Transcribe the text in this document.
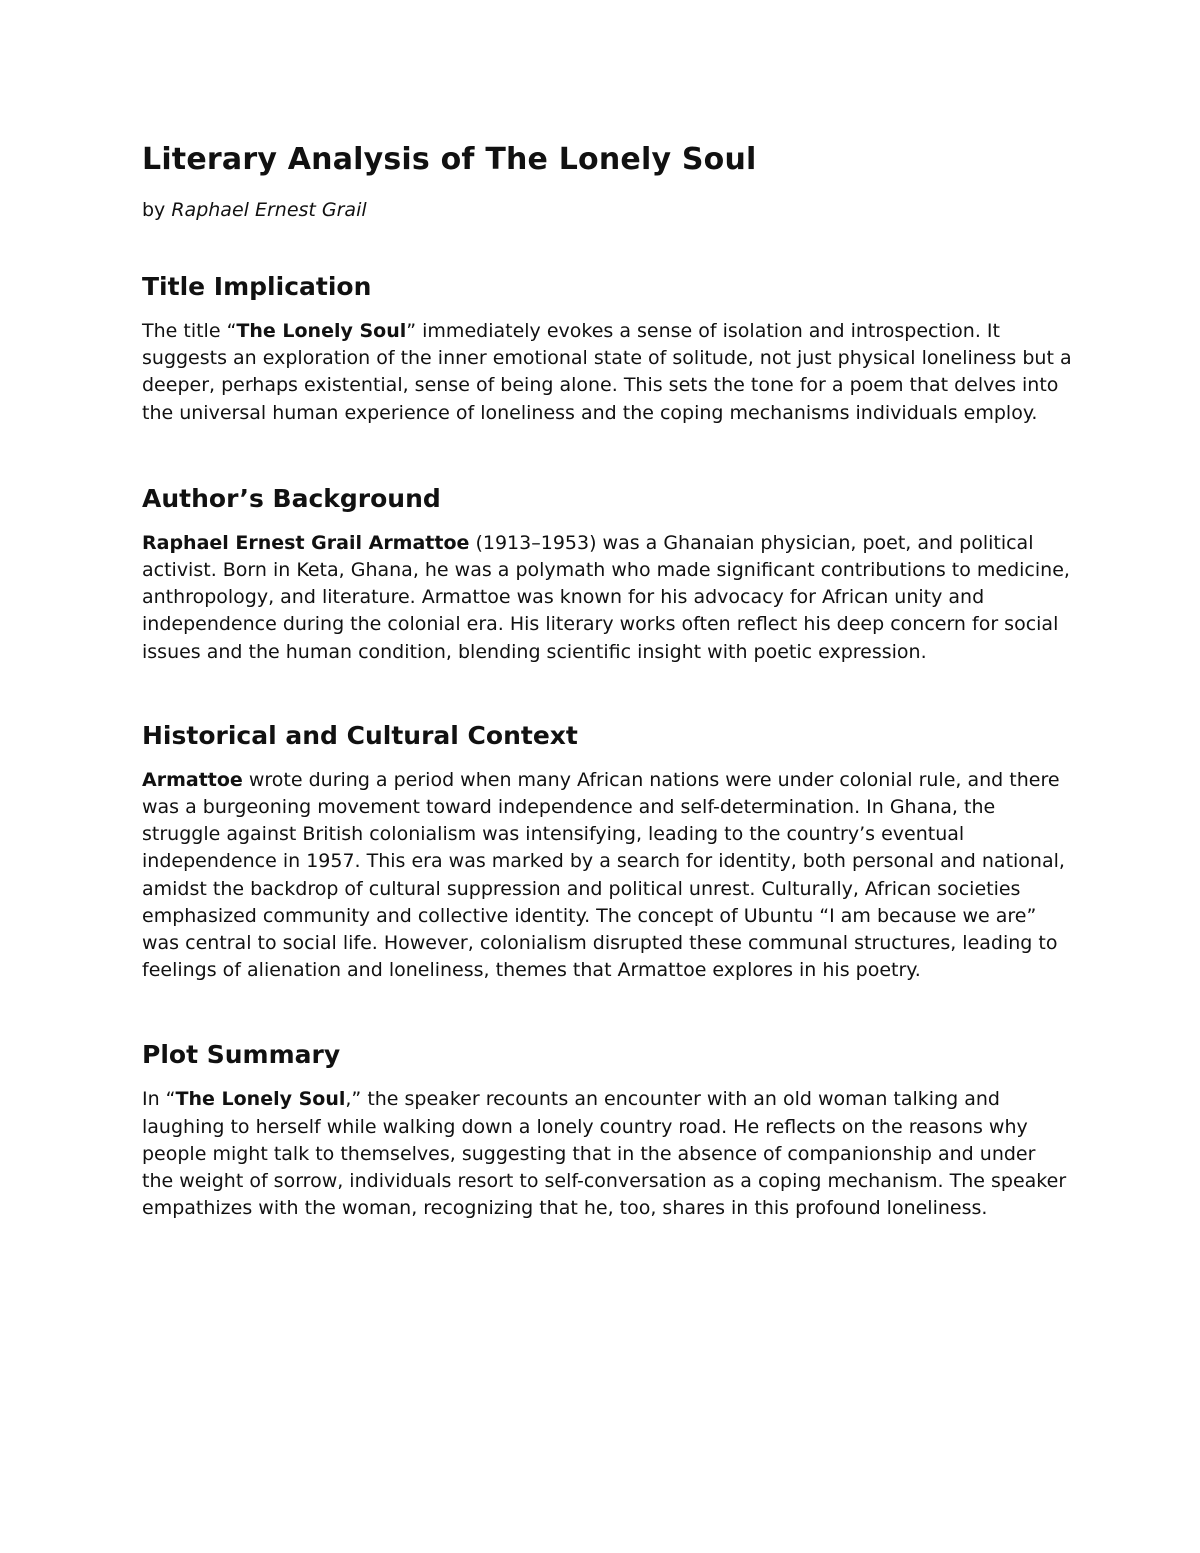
Literary Analysis of The Lonely Soul

by Raphael Ernest Grail

Title Implication

The title “The Lonely Soul” immediately evokes a sense of isolation and introspection. It suggests an exploration of the inner emotional state of solitude, not just physical loneliness but a deeper, perhaps existential, sense of being alone. This sets the tone for a poem that delves into the universal human experience of loneliness and the coping mechanisms individuals employ.

Author’s Background

Raphael Ernest Grail Armattoe (1913–1953) was a Ghanaian physician, poet, and political activist. Born in Keta, Ghana, he was a polymath who made significant contributions to medicine, anthropology, and literature. Armattoe was known for his advocacy for African unity and independence during the colonial era. His literary works often reflect his deep concern for social issues and the human condition, blending scientific insight with poetic expression.

Historical and Cultural Context

Armattoe wrote during a period when many African nations were under colonial rule, and there was a burgeoning movement toward independence and self-determination. In Ghana, the struggle against British colonialism was intensifying, leading to the country’s eventual independence in 1957. This era was marked by a search for identity, both personal and national, amidst the backdrop of cultural suppression and political unrest. Culturally, African societies emphasized community and collective identity. The concept of Ubuntu “I am because we are” was central to social life. However, colonialism disrupted these communal structures, leading to feelings of alienation and loneliness, themes that Armattoe explores in his poetry.

Plot Summary

In “The Lonely Soul,” the speaker recounts an encounter with an old woman talking and laughing to herself while walking down a lonely country road. He reflects on the reasons why people might talk to themselves, suggesting that in the absence of companionship and under the weight of sorrow, individuals resort to self-conversation as a coping mechanism. The speaker empathizes with the woman, recognizing that he, too, shares in this profound loneliness.
